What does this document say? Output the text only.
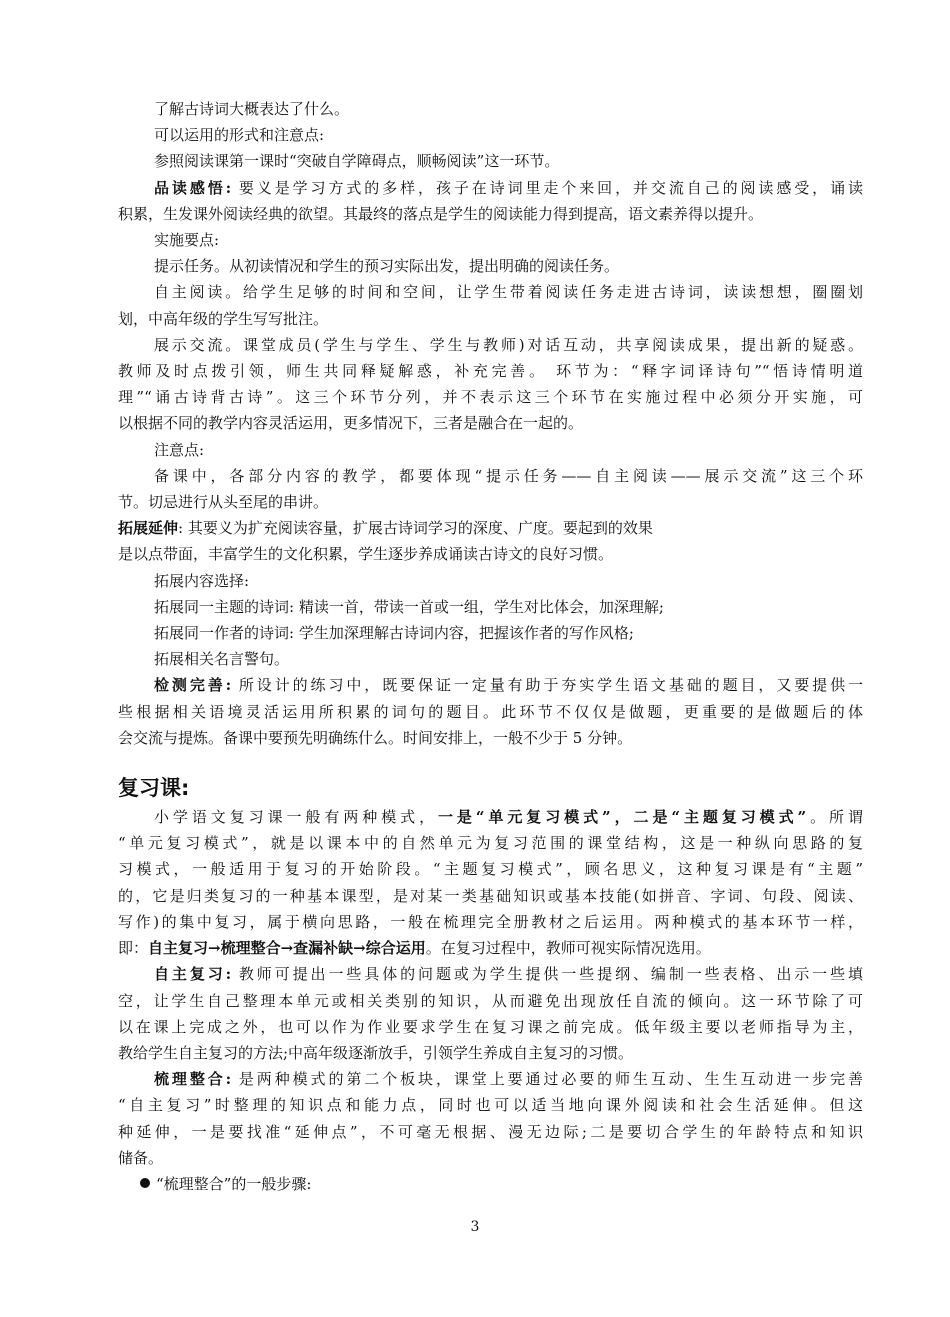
了解古诗词大概表达了什么。
可以运用的形式和注意点:
参照阅读课第一课时“突破自学障碍点，顺畅阅读”这一环节。
品读感悟: 要义是学习方式的多样，孩子在诗词里走个来回，并交流自己的阅读感受，诵读
积累，生发课外阅读经典的欲望。其最终的落点是学生的阅读能力得到提高，语文素养得以提升。
实施要点:
提示任务。从初读情况和学生的预习实际出发，提出明确的阅读任务。
自主阅读。给学生足够的时间和空间，让学生带着阅读任务走进古诗词，读读想想，圈圈划
划，中高年级的学生写写批注。
展示交流。课堂成员(学生与学生、学生与教师)对话互动，共享阅读成果，提出新的疑惑。
教师及时点拨引领，师生共同释疑解惑，补充完善。 环节为：“释字词译诗句”“悟诗情明道
理”“诵古诗背古诗”。这三个环节分列，并不表示这三个环节在实施过程中必须分开实施，可
以根据不同的教学内容灵活运用，更多情况下，三者是融合在一起的。
注意点:
备课中，各部分内容的教学，都要体现“提示任务——自主阅读——展示交流”这三个环
节。切忌进行从头至尾的串讲。
拓展延伸: 其要义为扩充阅读容量，扩展古诗词学习的深度、广度。要起到的效果
是以点带面，丰富学生的文化积累，学生逐步养成诵读古诗文的良好习惯。
拓展内容选择:
拓展同一主题的诗词: 精读一首，带读一首或一组，学生对比体会，加深理解;
拓展同一作者的诗词: 学生加深理解古诗词内容，把握该作者的写作风格;
拓展相关名言警句。
检测完善: 所设计的练习中，既要保证一定量有助于夯实学生语文基础的题目，又要提供一
些根据相关语境灵活运用所积累的词句的题目。此环节不仅仅是做题，更重要的是做题后的体
会交流与提炼。备课中要预先明确练什么。时间安排上，一般不少于 5 分钟。
复习课:
小学语文复习课一般有两种模式，一是“单元复习模式”，二是“主题复习模式”。所谓
“单元复习模式”，就是以课本中的自然单元为复习范围的课堂结构，这是一种纵向思路的复
习模式，一般适用于复习的开始阶段。“主题复习模式”，顾名思义，这种复习课是有“主题”
的，它是归类复习的一种基本课型，是对某一类基础知识或基本技能(如拼音、字词、句段、阅读、
写作)的集中复习，属于横向思路，一般在梳理完全册教材之后运用。两种模式的基本环节一样，
即：自主复习→梳理整合→查漏补缺→综合运用。在复习过程中，教师可视实际情况选用。
自主复习: 教师可提出一些具体的问题或为学生提供一些提纲、编制一些表格、出示一些填
空，让学生自己整理本单元或相关类别的知识，从而避免出现放任自流的倾向。这一环节除了可
以在课上完成之外，也可以作为作业要求学生在复习课之前完成。低年级主要以老师指导为主，
教给学生自主复习的方法;中高年级逐渐放手，引领学生养成自主复习的习惯。
梳理整合: 是两种模式的第二个板块，课堂上要通过必要的师生互动、生生互动进一步完善
“自主复习”时整理的知识点和能力点，同时也可以适当地向课外阅读和社会生活延伸。但这
种延伸，一是要找准“延伸点”，不可毫无根据、漫无边际;二是要切合学生的年龄特点和知识
储备。
“梳理整合”的一般步骤:
3
